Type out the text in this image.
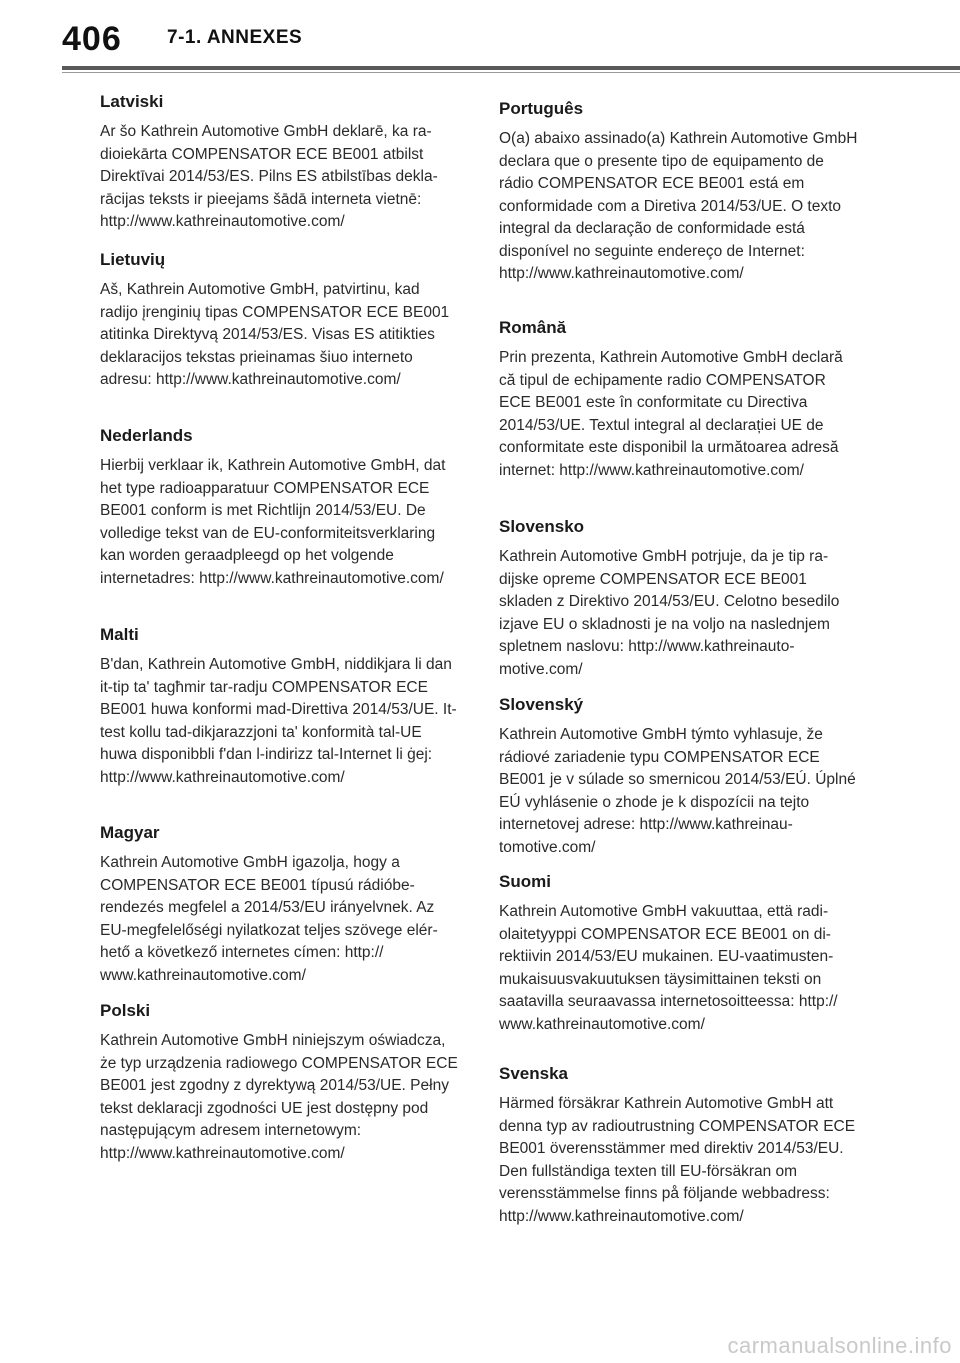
406 7-1. ANNEXES
Latviski

Ar šo Kathrein Automotive GmbH deklarē, ka radioiekārta COMPENSATOR ECE BE001 atbilst Direktīvai 2014/53/ES. Pilns ES atbilstības deklarācijas teksts ir pieejams šādā interneta vietnē: http://www.kathreinautomotive.com/

Lietuvių

Aš, Kathrein Automotive GmbH, patvirtinu, kad radijo įrenginių tipas COMPENSATOR ECE BE001 atitinka Direktyvą 2014/53/ES. Visas ES atitikties deklaracijos tekstas prieinamas šiuo interneto adresu: http://www.kathreinautomotive.com/

Nederlands

Hierbij verklaar ik, Kathrein Automotive GmbH, dat het type radioapparatuur COMPENSATOR ECE BE001 conform is met Richtlijn 2014/53/EU. De volledige tekst van de EU-conformiteitsverklaring kan worden geraadpleegd op het volgende internetadres: http://www.kathreinautomotive.com/

Malti

B'dan, Kathrein Automotive GmbH, niddikjara li dan it-tip ta' tagħmir tar-radju COMPENSATOR ECE BE001 huwa konformi mad-Direttiva 2014/53/UE. It-test kollu tad-dikjarazzjoni ta' konformità tal-UE huwa disponibbli f'dan l-indirizz tal-Internet li ġej: http://www.kathreinautomotive.com/

Magyar

Kathrein Automotive GmbH igazolja, hogy a COMPENSATOR ECE BE001 típusú rádióberendezés megfelel a 2014/53/EU irányelvnek. Az EU-megfelelőségi nyilatkozat teljes szövege elérhető a következő internetes címen: http:// www.kathreinautomotive.com/

Polski

Kathrein Automotive GmbH niniejszym oświadcza, że typ urządzenia radiowego COMPENSATOR ECE BE001 jest zgodny z dyrektywą 2014/53/UE. Pełny tekst deklaracji zgodności UE jest dostępny pod następującym adresem internetowym: http://www.kathreinautomotive.com/

Português

O(a) abaixo assinado(a) Kathrein Automotive GmbH declara que o presente tipo de equipamento de rádio COMPENSATOR ECE BE001 está em conformidade com a Diretiva 2014/53/UE. O texto integral da declaração de conformidade está disponível no seguinte endereço de Internet: http://www.kathreinautomotive.com/

Română

Prin prezenta, Kathrein Automotive GmbH declară că tipul de echipamente radio COMPENSATOR ECE BE001 este în conformitate cu Directiva 2014/53/UE. Textul integral al declarației UE de conformitate este disponibil la următoarea adresă internet: http://www.kathreinautomotive.com/

Slovensko

Kathrein Automotive GmbH potrjuje, da je tip radijske opreme COMPENSATOR ECE BE001 skladen z Direktivo 2014/53/EU. Celotno besedilo izjave EU o skladnosti je na voljo na naslednjem spletnem naslovu: http://www.kathreinautomotive.com/

Slovenský

Kathrein Automotive GmbH týmto vyhlasuje, že rádiové zariadenie typu COMPENSATOR ECE BE001 je v súlade so smernicou 2014/53/EÚ. Úplné EÚ vyhlásenie o zhode je k dispozícii na tejto internetovej adrese: http://www.kathreinautomotive.com/

Suomi

Kathrein Automotive GmbH vakuuttaa, että radiolaitetyyppi COMPENSATOR ECE BE001 on direktiivin 2014/53/EU mukainen. EU-vaatimustenmukaisuusvakuutuksen täysimittainen teksti on saatavilla seuraavassa internetosoitteessa: http:// www.kathreinautomotive.com/

Svenska

Härmed försäkrar Kathrein Automotive GmbH att denna typ av radioutrustning COMPENSATOR ECE BE001 överensstämmer med direktiv 2014/53/EU. Den fullständiga texten till EU-försäkran om verensstämmelse finns på följande webbadress: http://www.kathreinautomotive.com/

carmanualsonline.info
